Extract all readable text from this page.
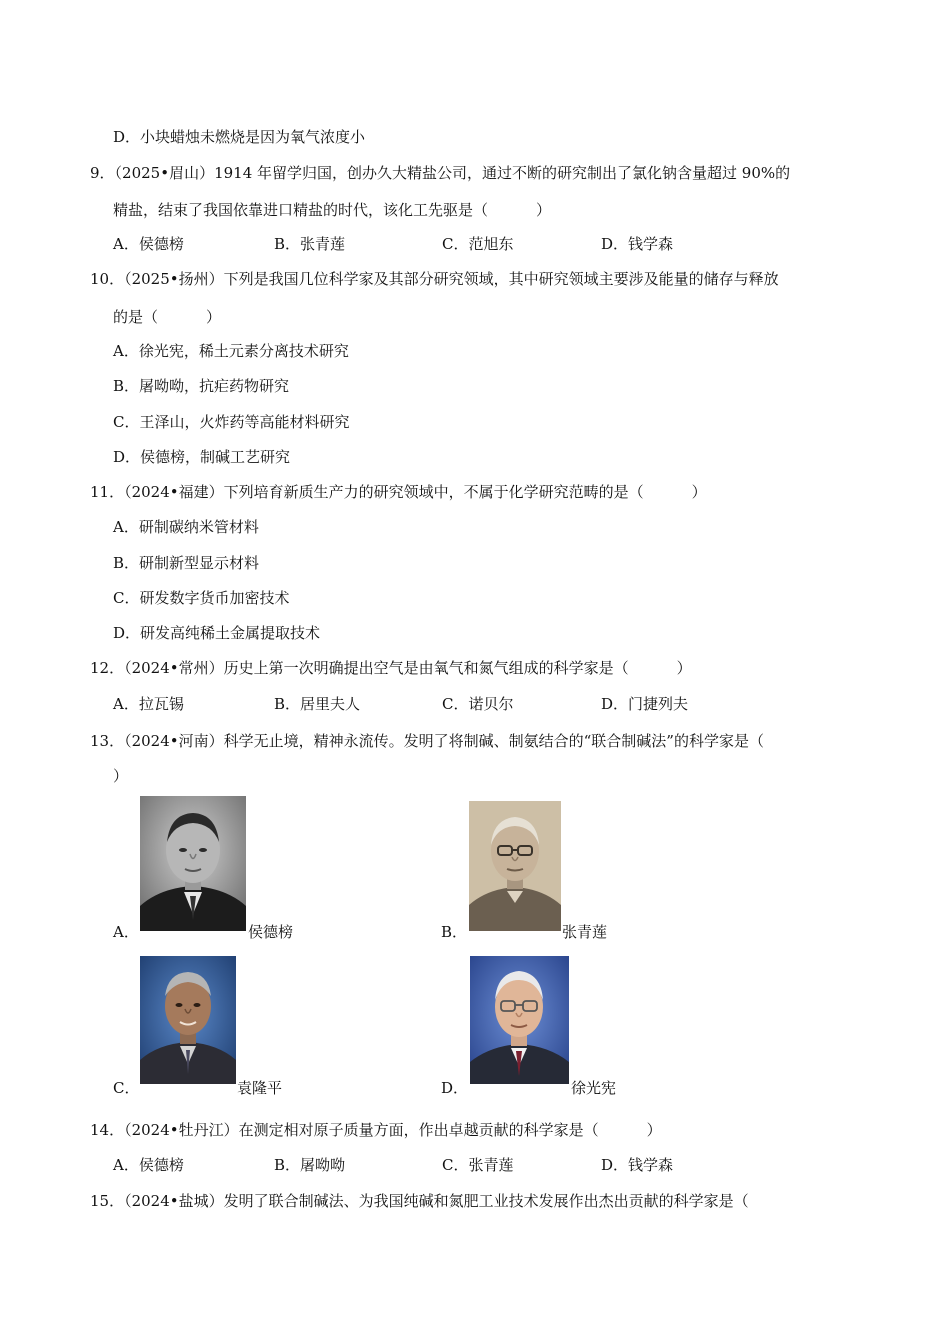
D．小块蜡烛未燃烧是因为氧气浓度小
9．（2025•眉山）1914 年留学归国，创办久大精盐公司，通过不断的研究制出了氯化钠含量超过 90%的
精盐，结束了我国依靠进口精盐的时代，该化工先驱是（	）
A．侯德榜	B．张青莲	C．范旭东	D．钱学森
10．（2025•扬州）下列是我国几位科学家及其部分研究领域，其中研究领域主要涉及能量的储存与释放
的是（	）
A．徐光宪，稀土元素分离技术研究
B．屠呦呦，抗疟药物研究
C．王泽山，火炸药等高能材料研究
D．侯德榜，制碱工艺研究
11．（2024•福建）下列培育新质生产力的研究领域中，不属于化学研究范畴的是（	）
A．研制碳纳米管材料
B．研制新型显示材料
C．研发数字货币加密技术
D．研发高纯稀土金属提取技术
12．（2024•常州）历史上第一次明确提出空气是由氧气和氮气组成的科学家是（	）
A．拉瓦锡	B．居里夫人	C．诺贝尔	D．门捷列夫
13．（2024•河南）科学无止境，精神永流传。发明了将制碱、制氨结合的“联合制碱法”的科学家是（
）
A．	侯德榜	B．	张青莲
C．	袁隆平	D．	徐光宪
14．（2024•牡丹江）在测定相对原子质量方面，作出卓越贡献的科学家是（	）
A．侯德榜	B．屠呦呦	C．张青莲	D．钱学森
15．（2024•盐城）发明了联合制碱法、为我国纯碱和氮肥工业技术发展作出杰出贡献的科学家是（
